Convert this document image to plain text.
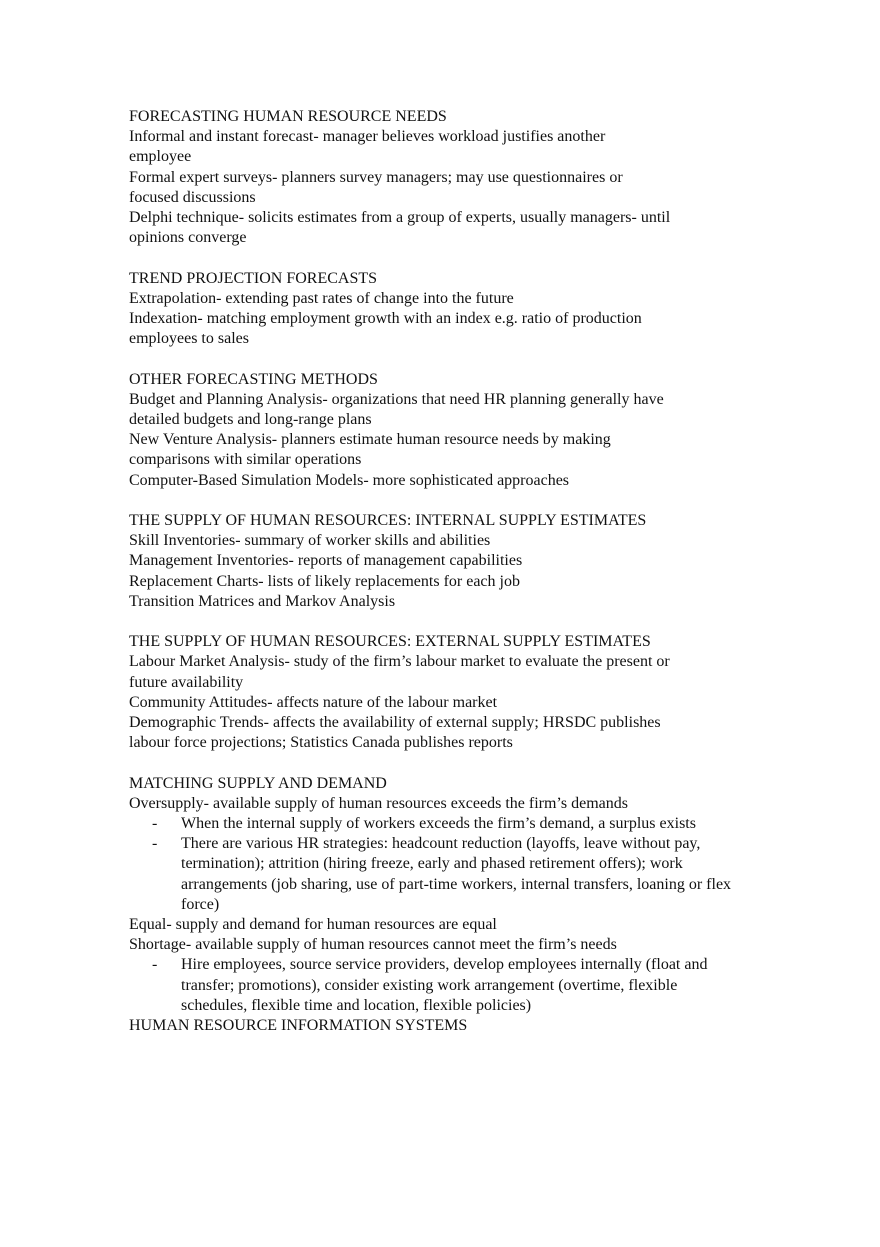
FORECASTING HUMAN RESOURCE NEEDS
Informal and instant forecast- manager believes workload justifies another
employee
Formal expert surveys- planners survey managers; may use questionnaires or
focused discussions
Delphi technique- solicits estimates from a group of experts, usually managers- until
opinions converge
TREND PROJECTION FORECASTS
Extrapolation- extending past rates of change into the future
Indexation- matching employment growth with an index e.g. ratio of production
employees to sales
OTHER FORECASTING METHODS
Budget and Planning Analysis- organizations that need HR planning generally have
detailed budgets and long-range plans
New Venture Analysis- planners estimate human resource needs by making
comparisons with similar operations
Computer-Based Simulation Models- more sophisticated approaches
THE SUPPLY OF HUMAN RESOURCES: INTERNAL SUPPLY ESTIMATES
Skill Inventories- summary of worker skills and abilities
Management Inventories- reports of management capabilities
Replacement Charts- lists of likely replacements for each job
Transition Matrices and Markov Analysis
THE SUPPLY OF HUMAN RESOURCES: EXTERNAL SUPPLY ESTIMATES
Labour Market Analysis- study of the firm’s labour market to evaluate the present or
future availability
Community Attitudes- affects nature of the labour market
Demographic Trends- affects the availability of external supply; HRSDC publishes
labour force projections; Statistics Canada publishes reports
MATCHING SUPPLY AND DEMAND
Oversupply- available supply of human resources exceeds the firm’s demands
-	When the internal supply of workers exceeds the firm’s demand, a surplus exists
-	There are various HR strategies: headcount reduction (layoffs, leave without pay, termination); attrition (hiring freeze, early and phased retirement offers); work arrangements (job sharing, use of part-time workers, internal transfers, loaning or flex force)
Equal- supply and demand for human resources are equal
Shortage- available supply of human resources cannot meet the firm’s needs
-	Hire employees, source service providers, develop employees internally (float and transfer; promotions), consider existing work arrangement (overtime, flexible schedules, flexible time and location, flexible policies)
HUMAN RESOURCE INFORMATION SYSTEMS
